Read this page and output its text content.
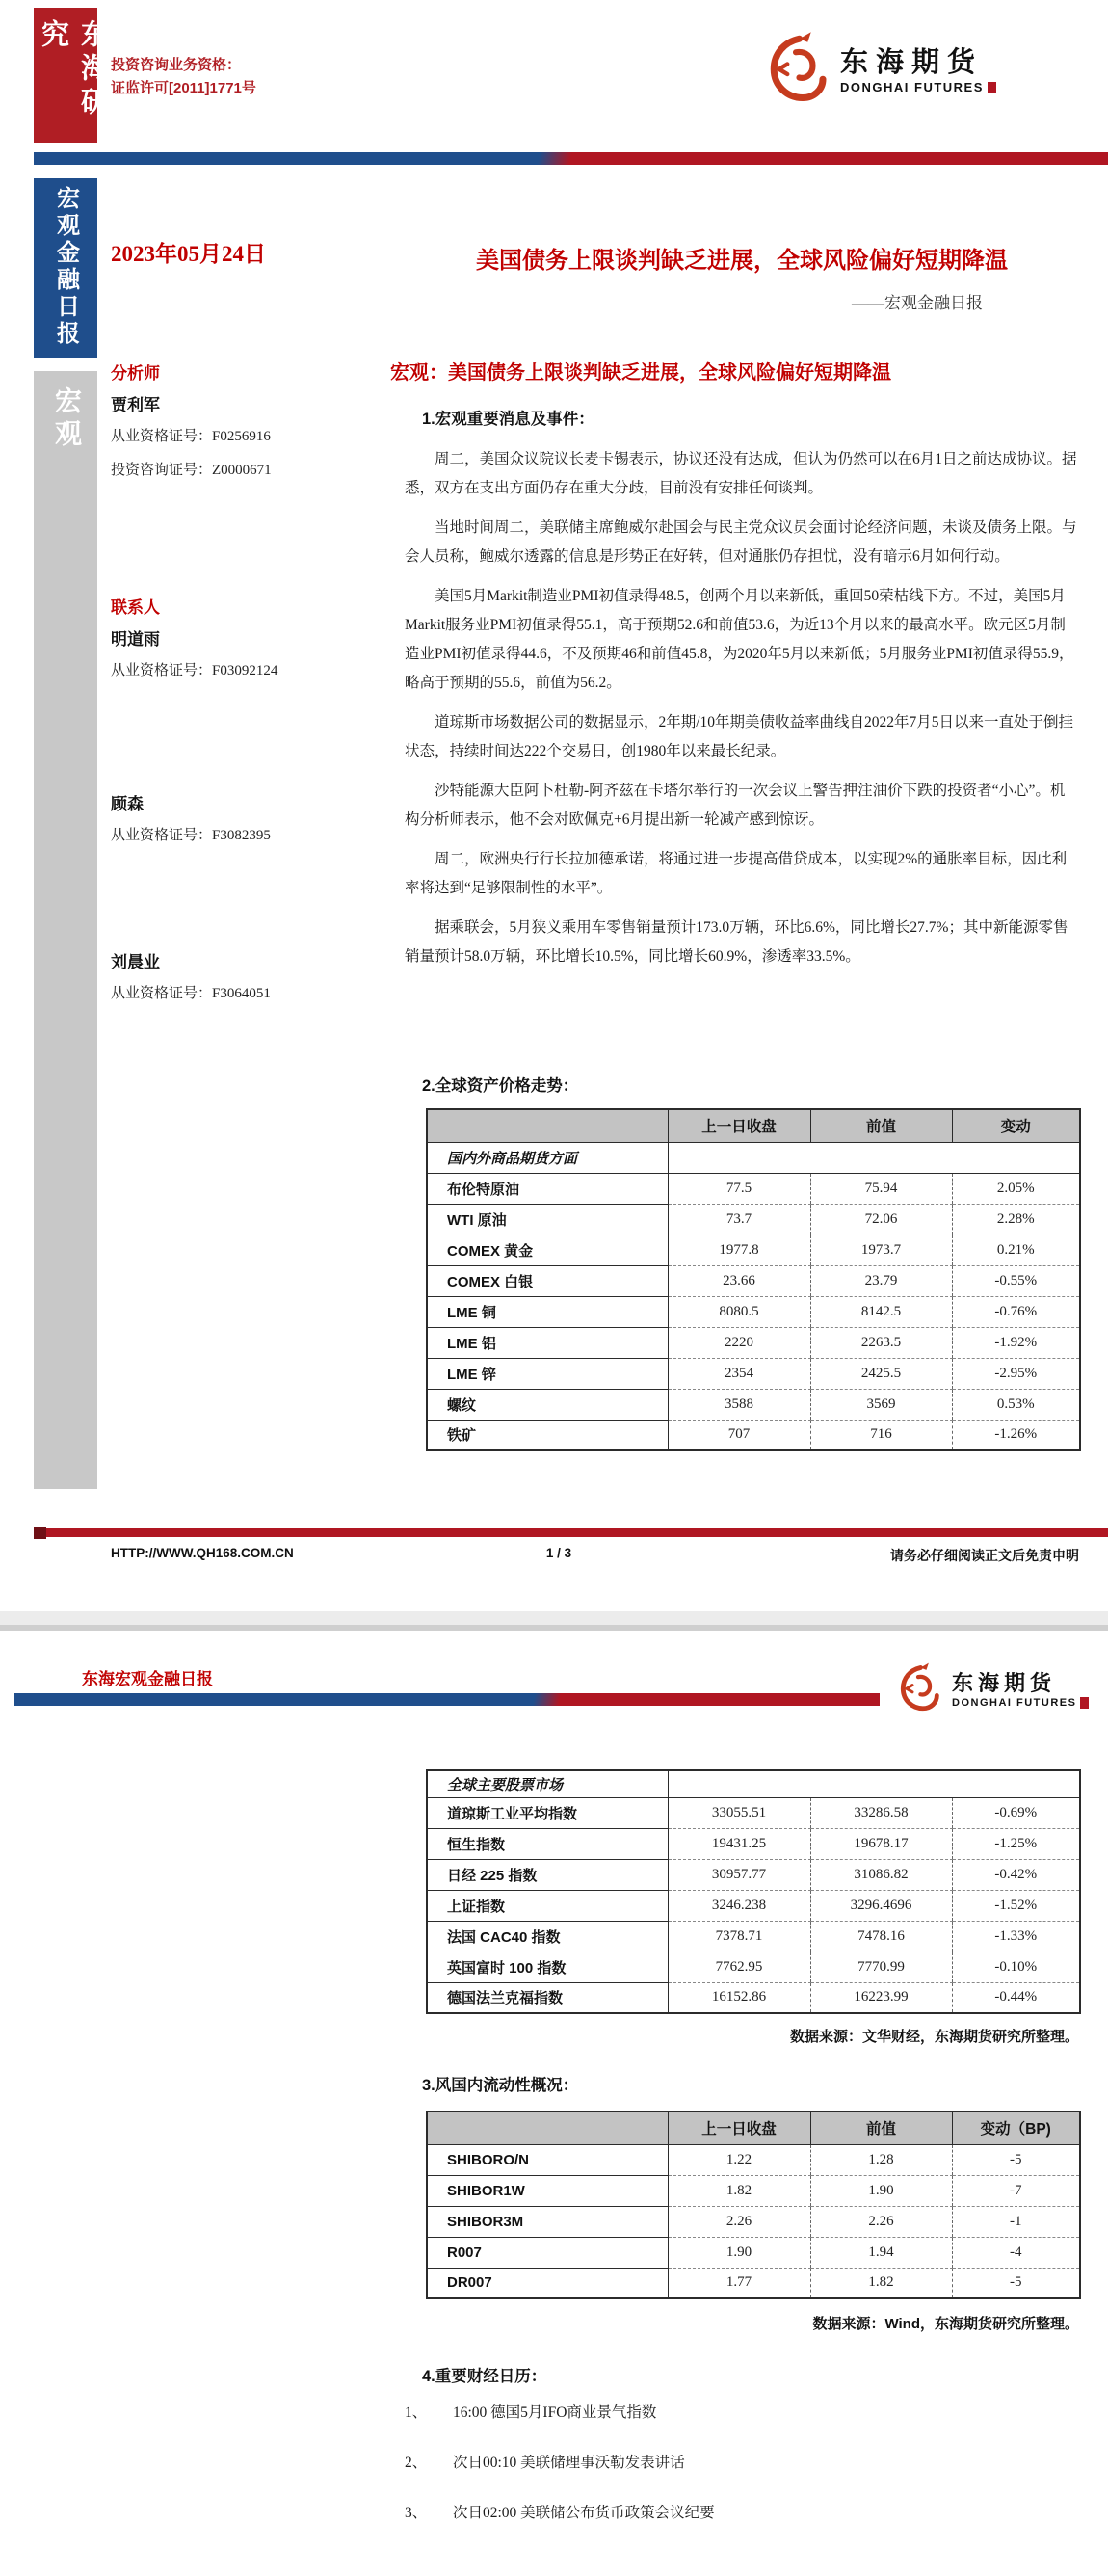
东海研究
投资咨询业务资格：
证监许可[2011]1771号
东海期货
DONGHAI FUTURES
宏观金融日报
宏观
2023年05月24日	美国债务上限谈判缺乏进展，全球风险偏好短期降温
——宏观金融日报
分析师
贾利军
从业资格证号：F0256916
投资咨询证号：Z0000671
联系人
明道雨
从业资格证号：F03092124
顾森
从业资格证号：F3082395
刘晨业
从业资格证号：F3064051
宏观：美国债务上限谈判缺乏进展，全球风险偏好短期降温
1.宏观重要消息及事件：

周二，美国众议院议长麦卡锡表示，协议还没有达成，但认为仍然可以在6月1日之前达成协议。据悉，双方在支出方面仍存在重大分歧，目前没有安排任何谈判。

当地时间周二，美联储主席鲍威尔赴国会与民主党众议员会面讨论经济问题，未谈及债务上限。与会人员称，鲍威尔透露的信息是形势正在好转，但对通胀仍存担忧，没有暗示6月如何行动。

美国5月Markit制造业PMI初值录得48.5，创两个月以来新低，重回50荣枯线下方。不过，美国5月Markit服务业PMI初值录得55.1，高于预期52.6和前值53.6，为近13个月以来的最高水平。欧元区5月制造业PMI初值录得44.6，不及预期46和前值45.8，为2020年5月以来新低；5月服务业PMI初值录得55.9，略高于预期的55.6，前值为56.2。

道琼斯市场数据公司的数据显示，2年期/10年期美债收益率曲线自2022年7月5日以来一直处于倒挂状态，持续时间达222个交易日，创1980年以来最长纪录。

沙特能源大臣阿卜杜勒-阿齐兹在卡塔尔举行的一次会议上警告押注油价下跌的投资者“小心”。机构分析师表示，他不会对欧佩克+6月提出新一轮减产感到惊讶。

周二，欧洲央行行长拉加德承诺，将通过进一步提高借贷成本，以实现2%的通胀率目标，因此利率将达到“足够限制性的水平”。

据乘联会，5月狭义乘用车零售销量预计173.0万辆，环比6.6%，同比增长27.7%；其中新能源零售销量预计58.0万辆，环比增长10.5%，同比增长60.9%，渗透率33.5%。

2.全球资产价格走势：
	上一日收盘	前值	变动
国内外商品期货方面			
布伦特原油	77.5	75.94	2.05%
WTI 原油	73.7	72.06	2.28%
COMEX 黄金	1977.8	1973.7	0.21%
COMEX 白银	23.66	23.79	-0.55%
LME 铜	8080.5	8142.5	-0.76%
LME 铝	2220	2263.5	-1.92%
LME 锌	2354	2425.5	-2.95%
螺纹	3588	3569	0.53%
铁矿	707	716	-1.26%
HTTP://WWW.QH168.COM.CN	1 / 3	请务必仔细阅读正文后免责申明
东海宏观金融日报	东海期货
DONGHAI FUTURES
全球主要股票市场			
道琼斯工业平均指数	33055.51	33286.58	-0.69%
恒生指数	19431.25	19678.17	-1.25%
日经 225 指数	30957.77	31086.82	-0.42%
上证指数	3246.238	3296.4696	-1.52%
法国 CAC40 指数	7378.71	7478.16	-1.33%
英国富时 100 指数	7762.95	7770.99	-0.10%
德国法兰克福指数	16152.86	16223.99	-0.44%
数据来源：文华财经，东海期货研究所整理。
3.风国内流动性概况：
	上一日收盘	前值	变动（BP)
SHIBORO/N	1.22	1.28	-5
SHIBOR1W	1.82	1.90	-7
SHIBOR3M	2.26	2.26	-1
R007	1.90	1.94	-4
DR007	1.77	1.82	-5
数据来源：Wind，东海期货研究所整理。
4.重要财经日历：
1、	16:00 德国5月IFO商业景气指数
2、	次日00:10 美联储理事沃勒发表讲话
3、	次日02:00 美联储公布货币政策会议纪要
